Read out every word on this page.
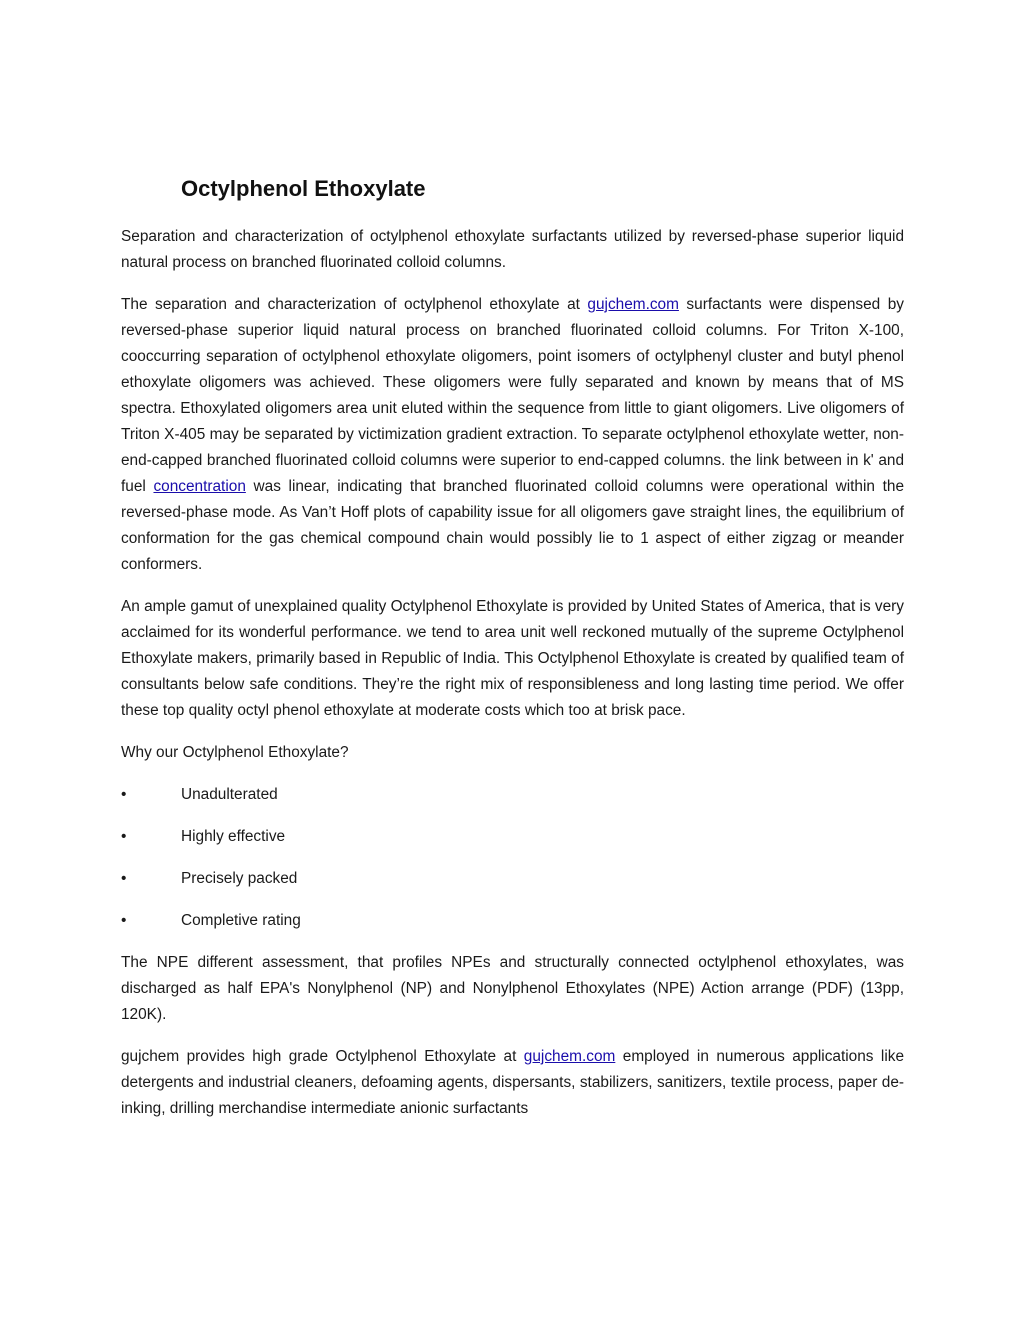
Octylphenol Ethoxylate

Separation and characterization of octylphenol ethoxylate surfactants utilized by reversed-phase superior liquid natural process on branched fluorinated colloid columns.

The separation and characterization of octylphenol ethoxylate at gujchem.com surfactants were dispensed by reversed-phase superior liquid natural process on branched fluorinated colloid columns. For Triton X-100, cooccurring separation of octylphenol ethoxylate oligomers, point isomers of octylphenyl cluster and butyl phenol ethoxylate oligomers was achieved. These oligomers were fully separated and known by means that of MS spectra. Ethoxylated oligomers area unit eluted within the sequence from little to giant oligomers. Live oligomers of Triton X-405 may be separated by victimization gradient extraction. To separate octylphenol ethoxylate wetter, non-end-capped branched fluorinated colloid columns were superior to end-capped columns. the link between in k' and fuel concentration was linear, indicating that branched fluorinated colloid columns were operational within the reversed-phase mode. As Van’t Hoff plots of capability issue for all oligomers gave straight lines, the equilibrium of conformation for the gas chemical compound chain would possibly lie to 1 aspect of either zigzag or meander conformers.

An ample gamut of unexplained quality Octylphenol Ethoxylate is provided by United States of America, that is very acclaimed for its wonderful performance. we tend to area unit well reckoned mutually of the supreme Octylphenol Ethoxylate makers, primarily based in Republic of India. This Octylphenol Ethoxylate is created by qualified team of consultants below safe conditions. They’re the right mix of responsibleness and long lasting time period. We offer these top quality octyl phenol ethoxylate at moderate costs which too at brisk pace.

Why our Octylphenol Ethoxylate?

•	Unadulterated
•	Highly effective
•	Precisely packed
•	Completive rating

The NPE different assessment, that profiles NPEs and structurally connected octylphenol ethoxylates, was discharged as half EPA's Nonylphenol (NP) and Nonylphenol Ethoxylates (NPE) Action arrange (PDF) (13pp, 120K).

gujchem provides high grade Octylphenol Ethoxylate at gujchem.com employed in numerous applications like detergents and industrial cleaners, defoaming agents, dispersants, stabilizers, sanitizers, textile process, paper de-inking, drilling merchandise intermediate anionic surfactants
